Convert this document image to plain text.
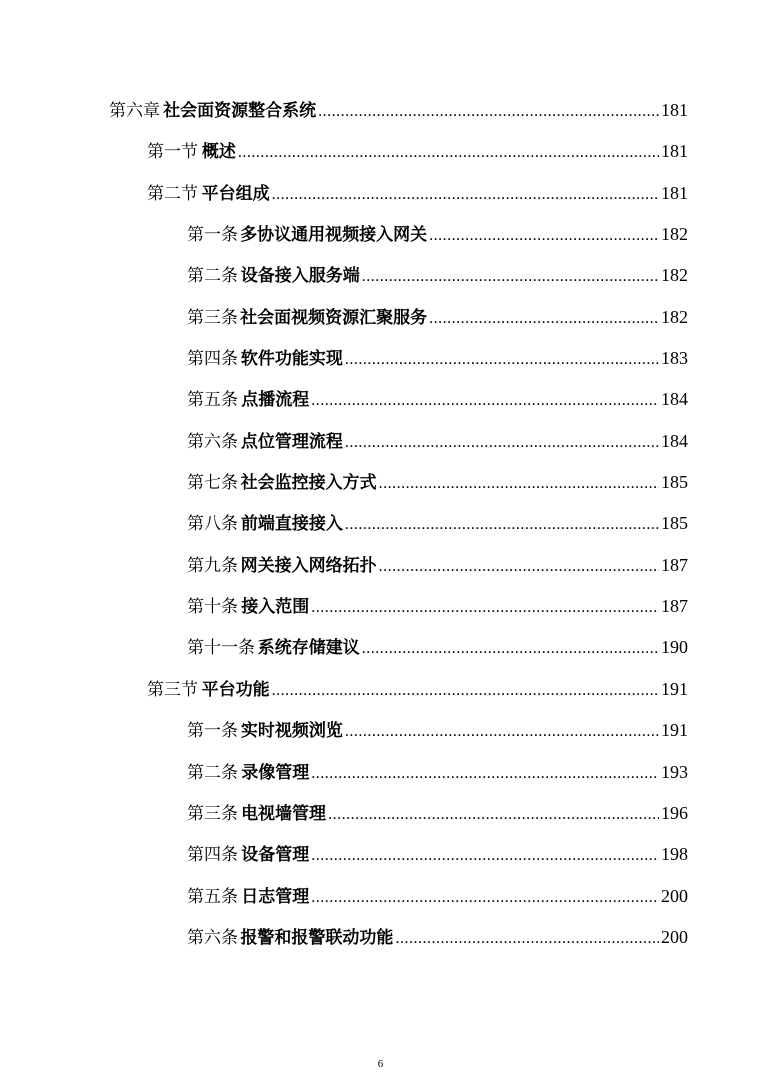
第六章 社会面资源整合系统 .....	181
第一节 概述 .....	181
第二节 平台组成 .....	181
第一条 多协议通用视频接入网关 .....	182
第二条 设备接入服务端 .....	182
第三条 社会面视频资源汇聚服务 .....	182
第四条 软件功能实现 .....	183
第五条 点播流程 .....	184
第六条 点位管理流程 .....	184
第七条 社会监控接入方式 .....	185
第八条 前端直接接入 .....	185
第九条 网关接入网络拓扑 .....	187
第十条 接入范围 .....	187
第十一条 系统存储建议 .....	190
第三节 平台功能 .....	191
第一条 实时视频浏览 .....	191
第二条 录像管理 .....	193
第三条 电视墙管理 .....	196
第四条 设备管理 .....	198
第五条 日志管理 .....	200
第六条 报警和报警联动功能 .....	200
6
